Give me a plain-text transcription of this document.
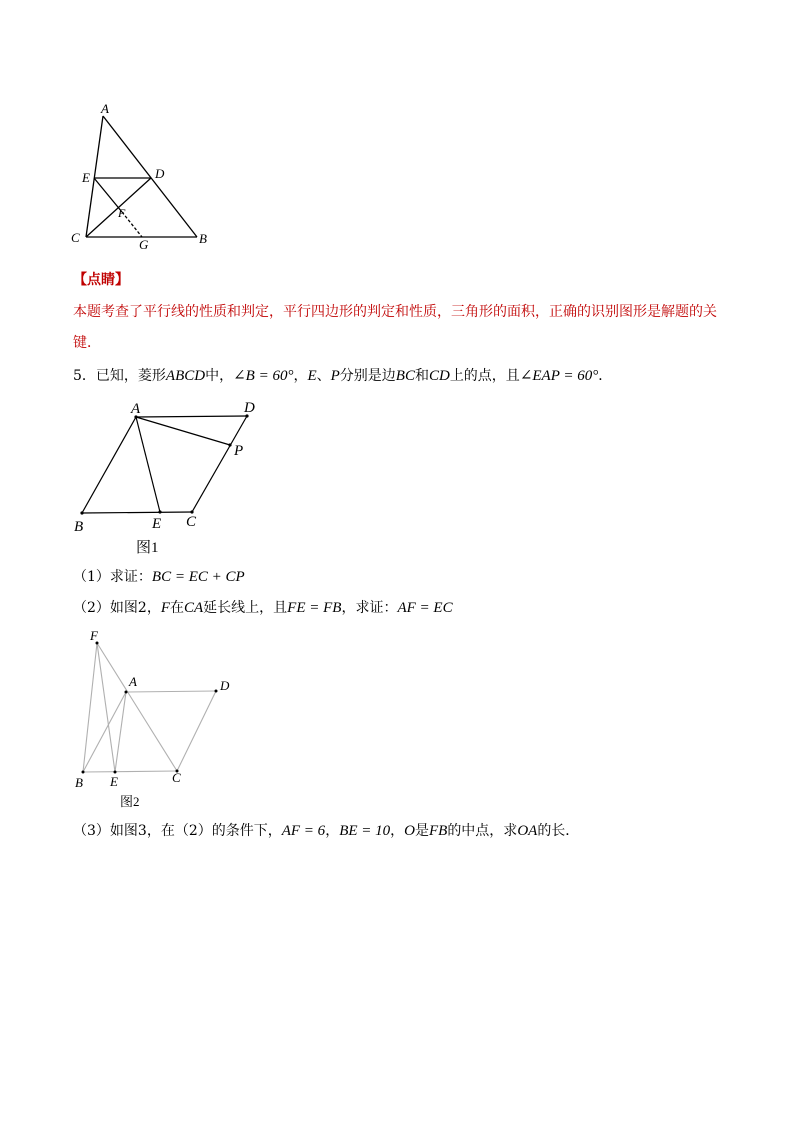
A
D
E
F
C	G	B
【点睛】
本题考查了平行线的性质和判定，平行四边形的判定和性质，三角形的面积，正确的识别图形是解题的关
键．
5．已知，菱形ABCD中，∠B = 60°，E、P分别是边BC和CD上的点，且∠EAP = 60°．
A	D
P
B	E C
图1
（1）求证：BC = EC + CP
（2）如图2，F在CA延长线上，且FE = FB，求证：AF = EC
F
A	D
B E	C
图2
（3）如图3，在（2）的条件下，AF = 6，BE = 10，O是FB的中点，求OA的长．
